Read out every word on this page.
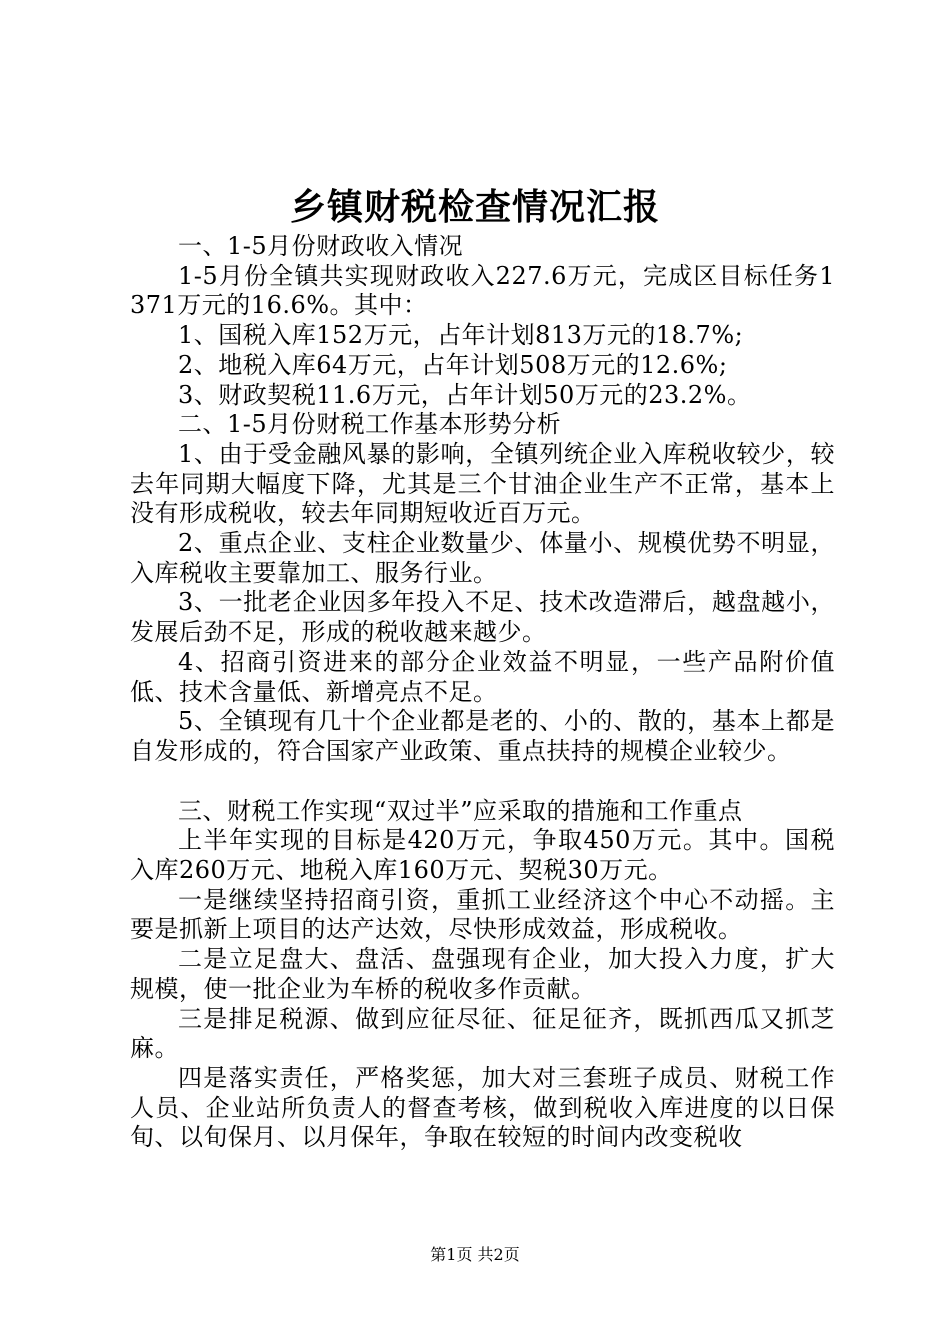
乡镇财税检查情况汇报

一、1-5月份财政收入情况

1-5月份全镇共实现财政收入227.6万元，完成区目标任务1371万元的16.6%。其中：

1、国税入库152万元，占年计划813万元的18.7%;

2、地税入库64万元，占年计划508万元的12.6%;

3、财政契税11.6万元，占年计划50万元的23.2%。

二、1-5月份财税工作基本形势分析

1、由于受金融风暴的影响，全镇列统企业入库税收较少，较去年同期大幅度下降，尤其是三个甘油企业生产不正常，基本上没有形成税收，较去年同期短收近百万元。

2、重点企业、支柱企业数量少、体量小、规模优势不明显，入库税收主要靠加工、服务行业。

3、一批老企业因多年投入不足、技术改造滞后，越盘越小，发展后劲不足，形成的税收越来越少。

4、招商引资进来的部分企业效益不明显，一些产品附价值低、技术含量低、新增亮点不足。

5、全镇现有几十个企业都是老的、小的、散的，基本上都是自发形成的，符合国家产业政策、重点扶持的规模企业较少。

三、财税工作实现“双过半”应采取的措施和工作重点

上半年实现的目标是420万元，争取450万元。其中。国税入库260万元、地税入库160万元、契税30万元。

一是继续坚持招商引资，重抓工业经济这个中心不动摇。主要是抓新上项目的达产达效，尽快形成效益，形成税收。

二是立足盘大、盘活、盘强现有企业，加大投入力度，扩大规模，使一批企业为车桥的税收多作贡献。

三是排足税源、做到应征尽征、征足征齐，既抓西瓜又抓芝麻。

四是落实责任，严格奖惩，加大对三套班子成员、财税工作人员、企业站所负责人的督查考核，做到税收入库进度的以日保旬、以旬保月、以月保年，争取在较短的时间内改变税收

第1页 共2页
